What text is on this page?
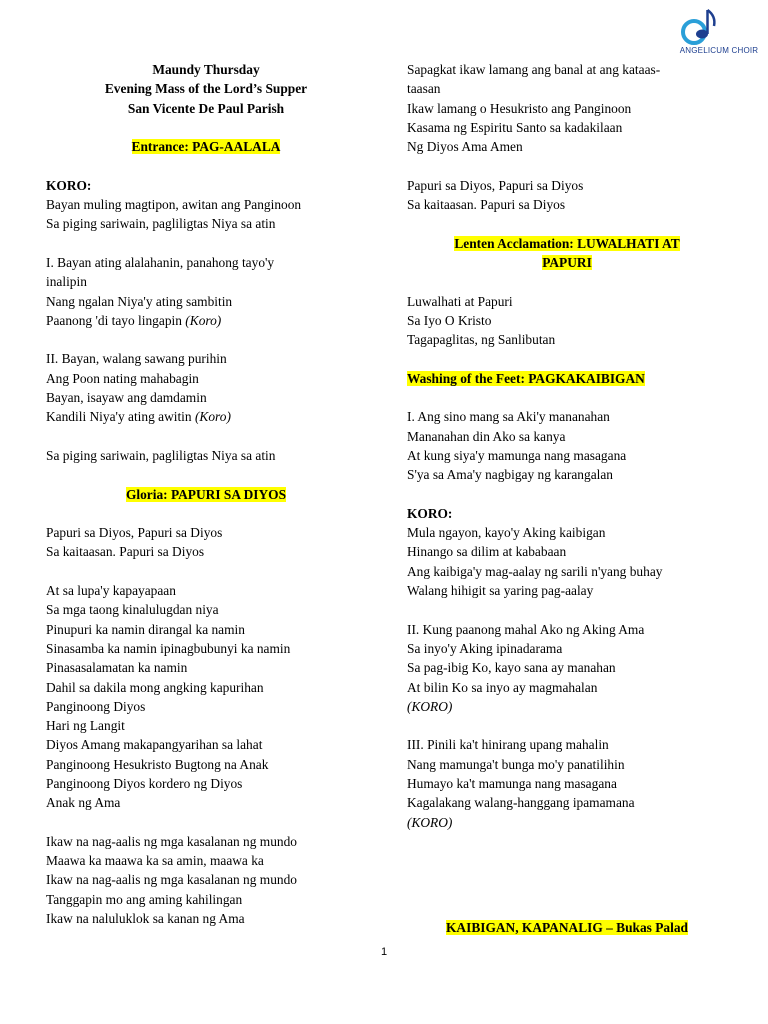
ANGELICUM CHOIR
Maundy Thursday
Evening Mass of the Lord’s Supper
San Vicente De Paul Parish
Entrance: PAG-AALALA
KORO:
Bayan muling magtipon, awitan ang Panginoon
Sa piging sariwain, pagliligtas Niya sa atin
I. Bayan ating alalahanin, panahong tayo'y
inalipin
Nang ngalan Niya'y ating sambitin
Paanong 'di tayo lingapin (Koro)
II. Bayan, walang sawang purihin
Ang Poon nating mahabagin
Bayan, isayaw ang damdamin
Kandili Niya'y ating awitin (Koro)
Sa piging sariwain, pagliligtas Niya sa atin
Gloria: PAPURI SA DIYOS
Papuri sa Diyos, Papuri sa Diyos
Sa kaitaasan. Papuri sa Diyos
At sa lupa'y kapayapaan
Sa mga taong kinalulugdan niya
Pinupuri ka namin dirangal ka namin
Sinasamba ka namin ipinagbubunyi ka namin
Pinasasalamatan ka namin
Dahil sa dakila mong angking kapurihan
Panginoong Diyos
Hari ng Langit
Diyos Amang makapangyarihan sa lahat
Panginoong Hesukristo Bugtong na Anak
Panginoong Diyos kordero ng Diyos
Anak ng Ama
Ikaw na nag-aalis ng mga kasalanan ng mundo
Maawa ka maawa ka sa amin, maawa ka
Ikaw na nag-aalis ng mga kasalanan ng mundo
Tanggapin mo ang aming kahilingan
Ikaw na naluluklok sa kanan ng Ama
Sapagkat ikaw lamang ang banal at ang kataas-
taasan
Ikaw lamang o Hesukristo ang Panginoon
Kasama ng Espiritu Santo sa kadakilaan
Ng Diyos Ama Amen
Papuri sa Diyos, Papuri sa Diyos
Sa kaitaasan. Papuri sa Diyos
Lenten Acclamation: LUWALHATI AT
PAPURI
Luwalhati at Papuri
Sa Iyo O Kristo
Tagapaglitas, ng Sanlibutan
Washing of the Feet: PAGKAKAIBIGAN
I. Ang sino mang sa Aki'y mananahan
Mananahan din Ako sa kanya
At kung siya'y mamunga nang masagana
S'ya sa Ama'y nagbigay ng karangalan
KORO:
Mula ngayon, kayo'y Aking kaibigan
Hinango sa dilim at kababaan
Ang kaibiga'y mag-aalay ng sarili n'yang buhay
Walang hihigit sa yaring pag-aalay
II. Kung paanong mahal Ako ng Aking Ama
Sa inyo'y Aking ipinadarama
Sa pag-ibig Ko, kayo sana ay manahan
At bilin Ko sa inyo ay magmahalan
(KORO)
III. Pinili ka't hinirang upang mahalin
Nang mamunga't bunga mo'y panatilihin
Humayo ka't mamunga nang masagana
Kagalakang walang-hanggang ipamamana
(KORO)
KAIBIGAN, KAPANALIG – Bukas Palad
1
